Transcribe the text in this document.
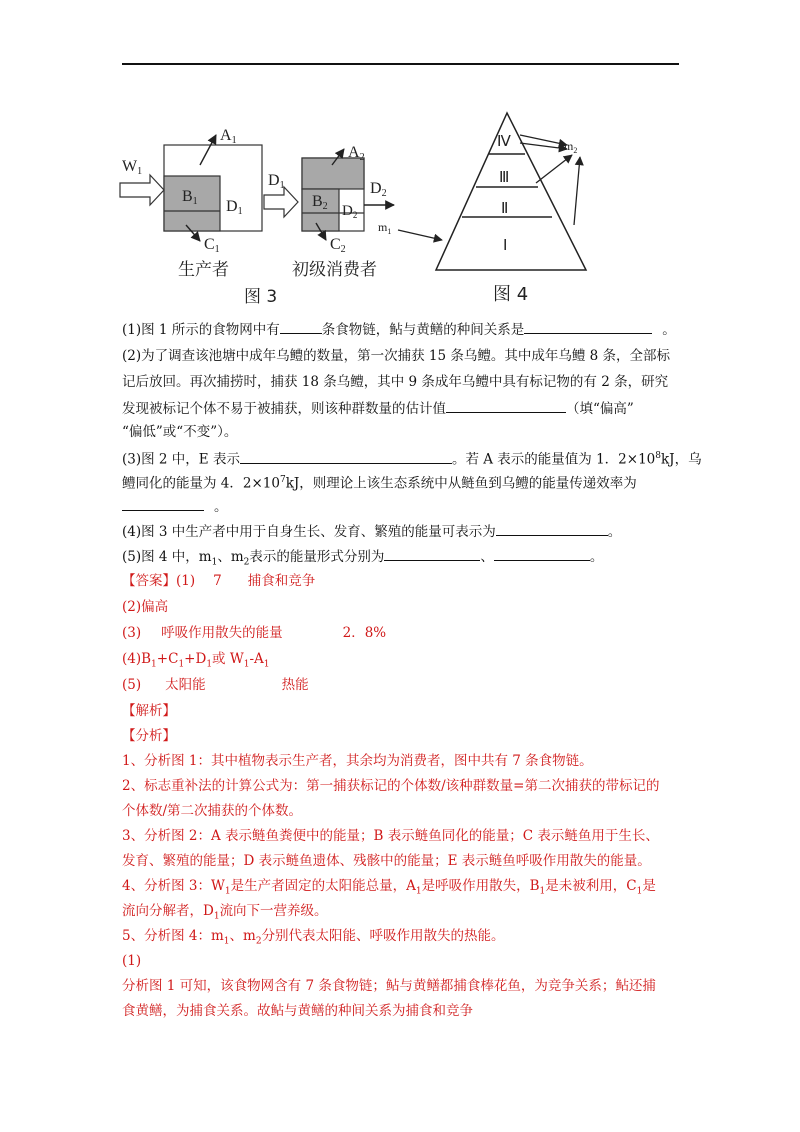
W1
A1
B1 D1
C1
生产者
D1
A2
B2 $D_2$
D2
C2
初级消费者
图 3
Ⅳ
Ⅲ
Ⅱ
Ⅰ
$m_1$
$m_2$
图 4
(1)图 1 所示的食物网中有	条食物链，鲇与黄鳝的种间关系是	。
(2)为了调查该池塘中成年乌鳢的数量，第一次捕获 15 条乌鳢。其中成年乌鳢 8 条，全部标
记后放回。再次捕捞时，捕获 18 条乌鳢，其中 9 条成年乌鳢中具有标记物的有 2 条，研究
发现被标记个体不易于被捕获，则该种群数量的估计值	（填“偏高”
“偏低”或“不变”）。
(3)图 2 中，E 表示	。若 A 表示的能量值为 1．$2\times 10^8kJ$，乌
鳢同化的能量为 4．$2\times 10^7kJ$，则理论上该生态系统中从鲢鱼到乌鳢的能量传递效率为
。
(4)图 3 中生产者中用于自身生长、发育、繁殖的能量可表示为	。
(5)图 4 中，$m_1$、$m_2$表示的能量形式分别为	、	。
【答案】(1) 7 捕食和竞争
(2)偏高
(3) 呼吸作用散失的能量	2．8%
$(4)B_1+C_1+D_1$或 $W_1-A_1$
(5) 太阳能	热能
【解析】
【分析】
1、分析图 1：其中植物表示生产者，其余均为消费者，图中共有 7 条食物链。
2、标志重补法的计算公式为：第一捕获标记的个体数/该种群数量=第二次捕获的带标记的
个体数/第二次捕获的个体数。
3、分析图 2：A 表示鲢鱼粪便中的能量；B 表示鲢鱼同化的能量；C 表示鲢鱼用于生长、
发育、繁殖的能量；D 表示鲢鱼遗体、残骸中的能量；E 表示鲢鱼呼吸作用散失的能量。
4、分析图 3：$W_1$是生产者固定的太阳能总量，$A_1$是呼吸作用散失，$B_1$是未被利用，$C_1$是
流向分解者，$D_1$流向下一营养级。
5、分析图 4：$m_1$、$m_2$分别代表太阳能、呼吸作用散失的热能。
(1)
分析图 1 可知，该食物网含有 7 条食物链；鲇与黄鳝都捕食棒花鱼，为竞争关系；鲇还捕
食黄鳝，为捕食关系。故鲇与黄鳝的种间关系为捕食和竞争
